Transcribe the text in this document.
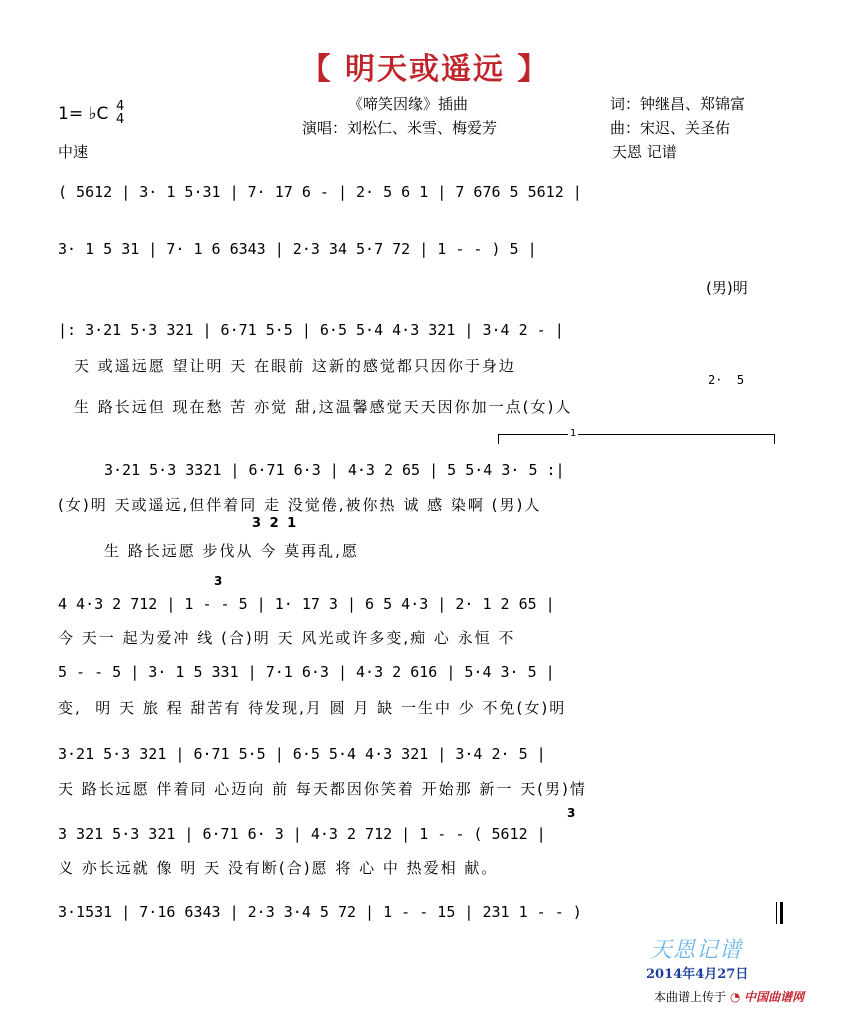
【 明天或遥远 】
《啼笑因缘》插曲
演唱：刘松仁、米雪、梅爱芳
词：钟继昌、郑锦富
曲：宋迟、关圣佑
天恩 记谱
1= ♭C 4
4
中速
( 5612 | 3· 1 5·31 | 7· 17 6 - | 2· 5 6 1 | 7 676 5 5612 |
3· 1 5 31 | 7· 1 6 6343 | 2·3 34 5·7 72 | 1 - - ) 5 |
(男)明
|: 3·21 5·3 321 | 6·71 5·5 | 6·5 5·4 4·3 321 | 3·4 2 - |
天 或遥远愿 望让明 天 在眼前 这新的感觉都只因你于身边
生 路长远但 现在愁 苦 亦觉 甜,这温馨感觉天天因你加一点(女)人
2·  5
1
3·21 5·3 3321 | 6·71 6·3 | 4·3 2 65 | 5 5·4 3· 5 :|
(女)明 天或遥远,但伴着同 走 没觉倦,被你热 诚 感 染啊 (男)人
3 2 1
生 路长远愿 步伐从 今 莫再乱,愿
3
4 4·3 2 712 | 1 - - 5 | 1· 17 3 | 6 5 4·3 | 2· 1 2 65 |
今 天一 起为爱冲 线 (合)明 天 风光或许多变,痴 心 永恒 不
5 - - 5 | 3· 1 5 331 | 7·1 6·3 | 4·3 2 616 | 5·4 3· 5 |
变,  明 天 旅 程 甜苦有 待发现,月 圆 月 缺 一生中 少 不免(女)明
3·21 5·3 321 | 6·71 5·5 | 6·5 5·4 4·3 321 | 3·4 2· 5 |
天 路长远愿 伴着同 心迈向 前 每天都因你笑着 开始那 新一 天(男)情
3
3 321 5·3 321 | 6·71 6· 3 | 4·3 2 712 | 1 - - ( 5612 |
义 亦长远就 像 明 天 没有断(合)愿 将 心 中 热爱相 献。
3·1531 | 7·16 6343 | 2·3 3·4 5 72 | 1 - - 15 | 231 1 - - )
天恩记谱
2014年4月27日
本曲谱上传于 ◔ 中国曲谱网
